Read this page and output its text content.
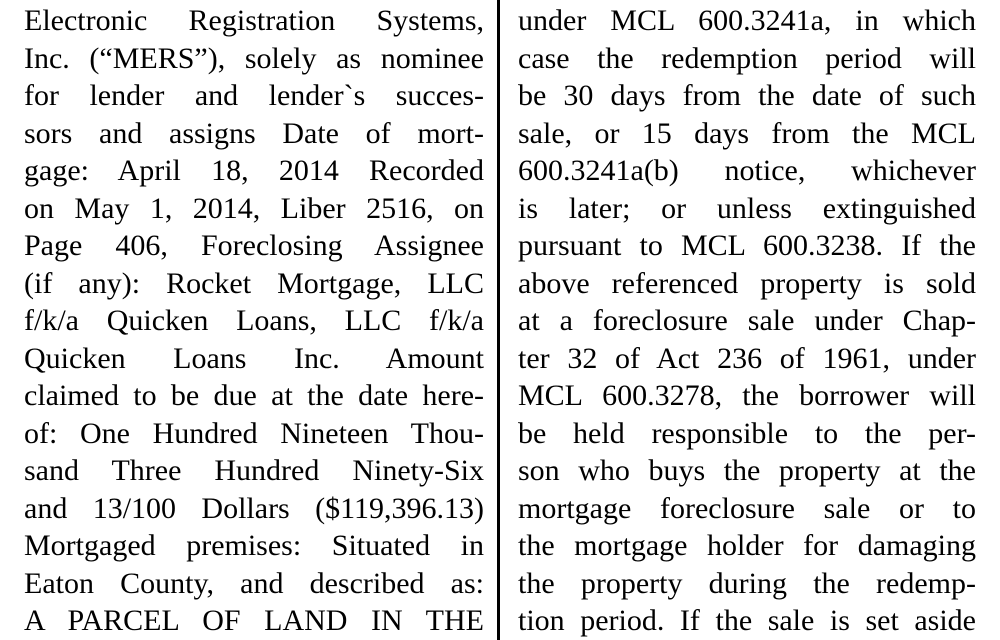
Electronic Registration Systems,
Inc. (“MERS”), solely as nominee
for lender and lender`s succes-
sors and assigns Date of mort-
gage: April 18, 2014 Recorded
on May 1, 2014, Liber 2516, on
Page 406, Foreclosing Assignee
(if any): Rocket Mortgage, LLC
f/k/a Quicken Loans, LLC f/k/a
Quicken Loans Inc. Amount
claimed to be due at the date here-
of: One Hundred Nineteen Thou-
sand Three Hundred Ninety-Six
and 13/100 Dollars ($119,396.13)
Mortgaged premises: Situated in
Eaton County, and described as:
A PARCEL OF LAND IN THE
under MCL 600.3241a, in which
case the redemption period will
be 30 days from the date of such
sale, or 15 days from the MCL
600.3241a(b) notice, whichever
is later; or unless extinguished
pursuant to MCL 600.3238. If the
above referenced property is sold
at a foreclosure sale under Chap-
ter 32 of Act 236 of 1961, under
MCL 600.3278, the borrower will
be held responsible to the per-
son who buys the property at the
mortgage foreclosure sale or to
the mortgage holder for damaging
the property during the redemp-
tion period. If the sale is set aside
